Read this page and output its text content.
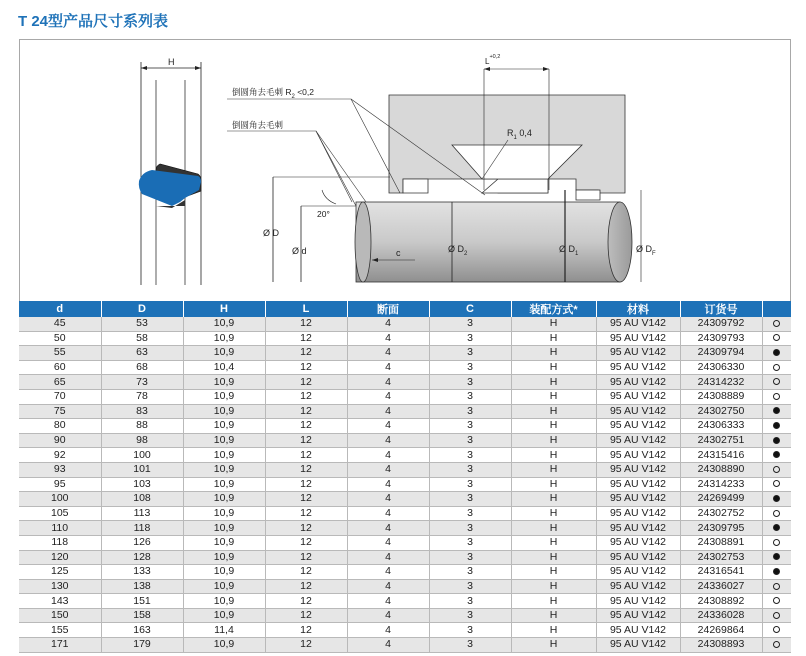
T 24型产品尺寸系列表
H
倒圆角去毛刺 $R_2 <0,2$
倒圆角去毛刺
$L^{+0,2}$
$R_1$ 0,4
20°
Ø D
Ø d	c	Ø $D_2$	Ø $D_1$	Ø $D_F$
d	D	H	L	断面	C	装配方式*	材料	订货号	
45	53	10,9	12	4	3	H	95 AU V142	24309792	
50	58	10,9	12	4	3	H	95 AU V142	24309793	
55	63	10,9	12	4	3	H	95 AU V142	24309794	
60	68	10,4	12	4	3	H	95 AU V142	24306330	
65	73	10,9	12	4	3	H	95 AU V142	24314232	
70	78	10,9	12	4	3	H	95 AU V142	24308889	
75	83	10,9	12	4	3	H	95 AU V142	24302750	
80	88	10,9	12	4	3	H	95 AU V142	24306333	
90	98	10,9	12	4	3	H	95 AU V142	24302751	
92	100	10,9	12	4	3	H	95 AU V142	24315416	
93	101	10,9	12	4	3	H	95 AU V142	24308890	
95	103	10,9	12	4	3	H	95 AU V142	24314233	
100	108	10,9	12	4	3	H	95 AU V142	24269499	
105	113	10,9	12	4	3	H	95 AU V142	24302752	
110	118	10,9	12	4	3	H	95 AU V142	24309795	
118	126	10,9	12	4	3	H	95 AU V142	24308891	
120	128	10,9	12	4	3	H	95 AU V142	24302753	
125	133	10,9	12	4	3	H	95 AU V142	24316541	
130	138	10,9	12	4	3	H	95 AU V142	24336027	
143	151	10,9	12	4	3	H	95 AU V142	24308892	
150	158	10,9	12	4	3	H	95 AU V142	24336028	
155	163	11,4	12	4	3	H	95 AU V142	24269864	
171	179	10,9	12	4	3	H	95 AU V142	24308893	
